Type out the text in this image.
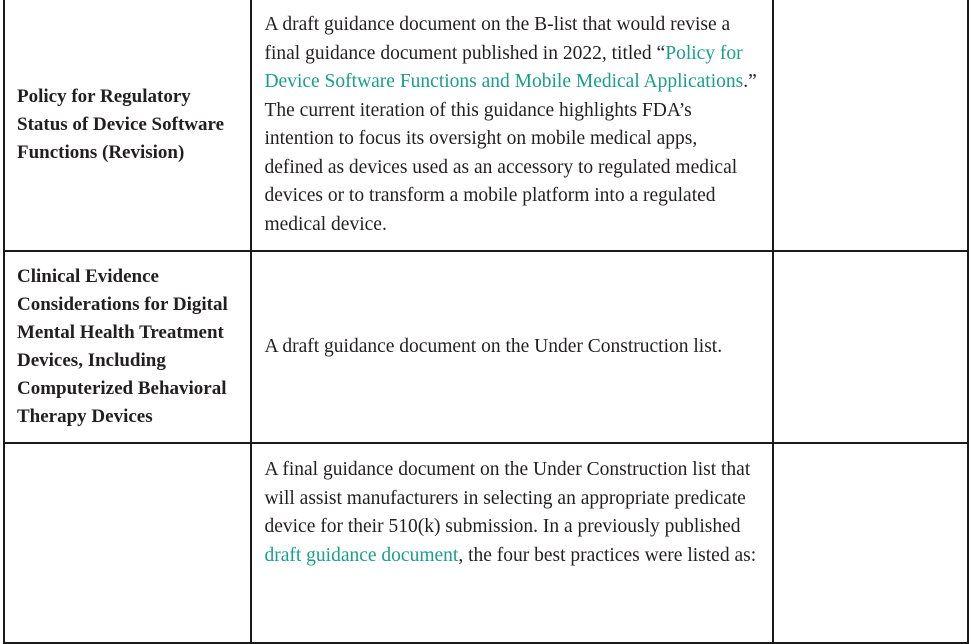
Policy for Regulatory Status of Device Software Functions (Revision)	A draft guidance document on the B-list that would revise a final guidance document published in 2022, titled “Policy for Device Software Functions and Mobile Medical Applications.” The current iteration of this guidance highlights FDA’s intention to focus its oversight on mobile medical apps, defined as devices used as an accessory to regulated medical devices or to transform a mobile platform into a regulated medical device.	
Clinical Evidence Considerations for Digital Mental Health Treatment Devices, Including Computerized Behavioral Therapy Devices	A draft guidance document on the Under Construction list.	
	A final guidance document on the Under Construction list that will assist manufacturers in selecting an appropriate predicate device for their 510(k) submission. In a previously published draft guidance document, the four best practices were listed as:	
